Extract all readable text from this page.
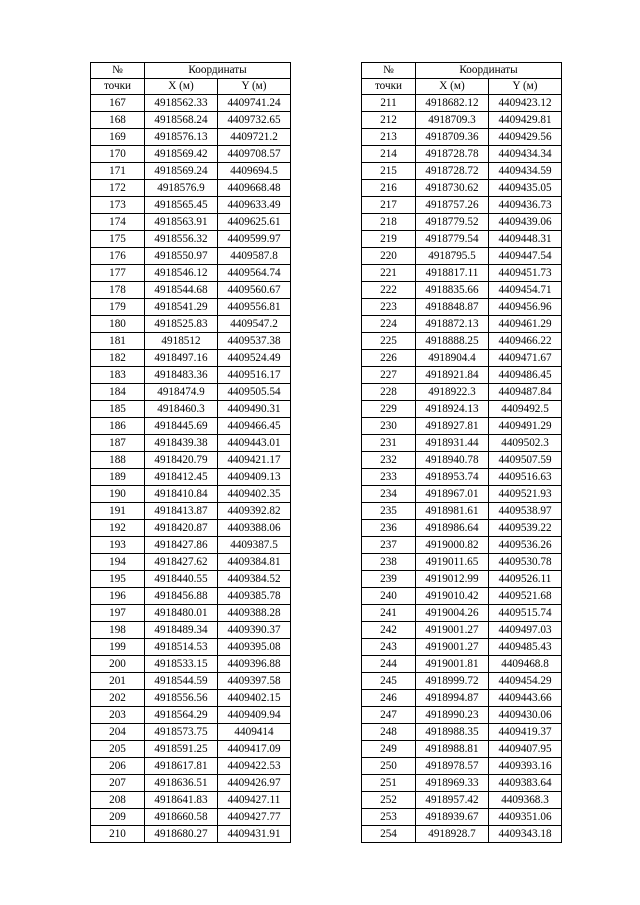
№	Координаты	
точки	X (м)	Y (м)
167	4918562.33	4409741.24
168	4918568.24	4409732.65
169	4918576.13	4409721.2
170	4918569.42	4409708.57
171	4918569.24	4409694.5
172	4918576.9	4409668.48
173	4918565.45	4409633.49
174	4918563.91	4409625.61
175	4918556.32	4409599.97
176	4918550.97	4409587.8
177	4918546.12	4409564.74
178	4918544.68	4409560.67
179	4918541.29	4409556.81
180	4918525.83	4409547.2
181	4918512	4409537.38
182	4918497.16	4409524.49
183	4918483.36	4409516.17
184	4918474.9	4409505.54
185	4918460.3	4409490.31
186	4918445.69	4409466.45
187	4918439.38	4409443.01
188	4918420.79	4409421.17
189	4918412.45	4409409.13
190	4918410.84	4409402.35
191	4918413.87	4409392.82
192	4918420.87	4409388.06
193	4918427.86	4409387.5
194	4918427.62	4409384.81
195	4918440.55	4409384.52
196	4918456.88	4409385.78
197	4918480.01	4409388.28
198	4918489.34	4409390.37
199	4918514.53	4409395.08
200	4918533.15	4409396.88
201	4918544.59	4409397.58
202	4918556.56	4409402.15
203	4918564.29	4409409.94
204	4918573.75	4409414
205	4918591.25	4409417.09
206	4918617.81	4409422.53
207	4918636.51	4409426.97
208	4918641.83	4409427.11
209	4918660.58	4409427.77
210	4918680.27	4409431.91
№	Координаты	
точки	X (м)	Y (м)
211	4918682.12	4409423.12
212	4918709.3	4409429.81
213	4918709.36	4409429.56
214	4918728.78	4409434.34
215	4918728.72	4409434.59
216	4918730.62	4409435.05
217	4918757.26	4409436.73
218	4918779.52	4409439.06
219	4918779.54	4409448.31
220	4918795.5	4409447.54
221	4918817.11	4409451.73
222	4918835.66	4409454.71
223	4918848.87	4409456.96
224	4918872.13	4409461.29
225	4918888.25	4409466.22
226	4918904.4	4409471.67
227	4918921.84	4409486.45
228	4918922.3	4409487.84
229	4918924.13	4409492.5
230	4918927.81	4409491.29
231	4918931.44	4409502.3
232	4918940.78	4409507.59
233	4918953.74	4409516.63
234	4918967.01	4409521.93
235	4918981.61	4409538.97
236	4918986.64	4409539.22
237	4919000.82	4409536.26
238	4919011.65	4409530.78
239	4919012.99	4409526.11
240	4919010.42	4409521.68
241	4919004.26	4409515.74
242	4919001.27	4409497.03
243	4919001.27	4409485.43
244	4919001.81	4409468.8
245	4918999.72	4409454.29
246	4918994.87	4409443.66
247	4918990.23	4409430.06
248	4918988.35	4409419.37
249	4918988.81	4409407.95
250	4918978.57	4409393.16
251	4918969.33	4409383.64
252	4918957.42	4409368.3
253	4918939.67	4409351.06
254	4918928.7	4409343.18
